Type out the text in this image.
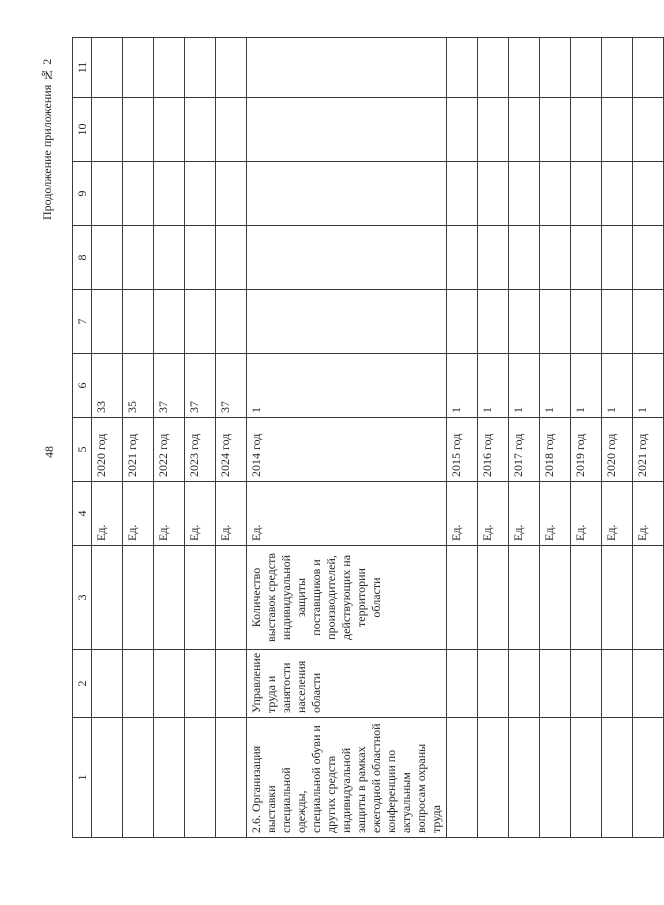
48
Продолжение приложения № 2
1	2	3	4	5	6	7	8	9	10	11
			Ед.	2020 год	33					
			Ед.	2021 год	35					
			Ед.	2022 год	37					
			Ед.	2023 год	37					
			Ед.	2024 год	37					
2.6. Организация выставки специальной одежды, специальной обуви и других средств индивидуальной защиты в рамках ежегодной областной конференции по актуальным вопросам охраны труда	Управление труда и занятости населения области	Количество выставок средств индивидуальной защиты поставщиков и производителей, действующих на территории области	Ед.	2014 год	1					
			Ед.	2015 год	1					
			Ед.	2016 год	1					
			Ед.	2017 год	1					
			Ед.	2018 год	1					
			Ед.	2019 год	1					
			Ед.	2020 год	1					
			Ед.	2021 год	1					
